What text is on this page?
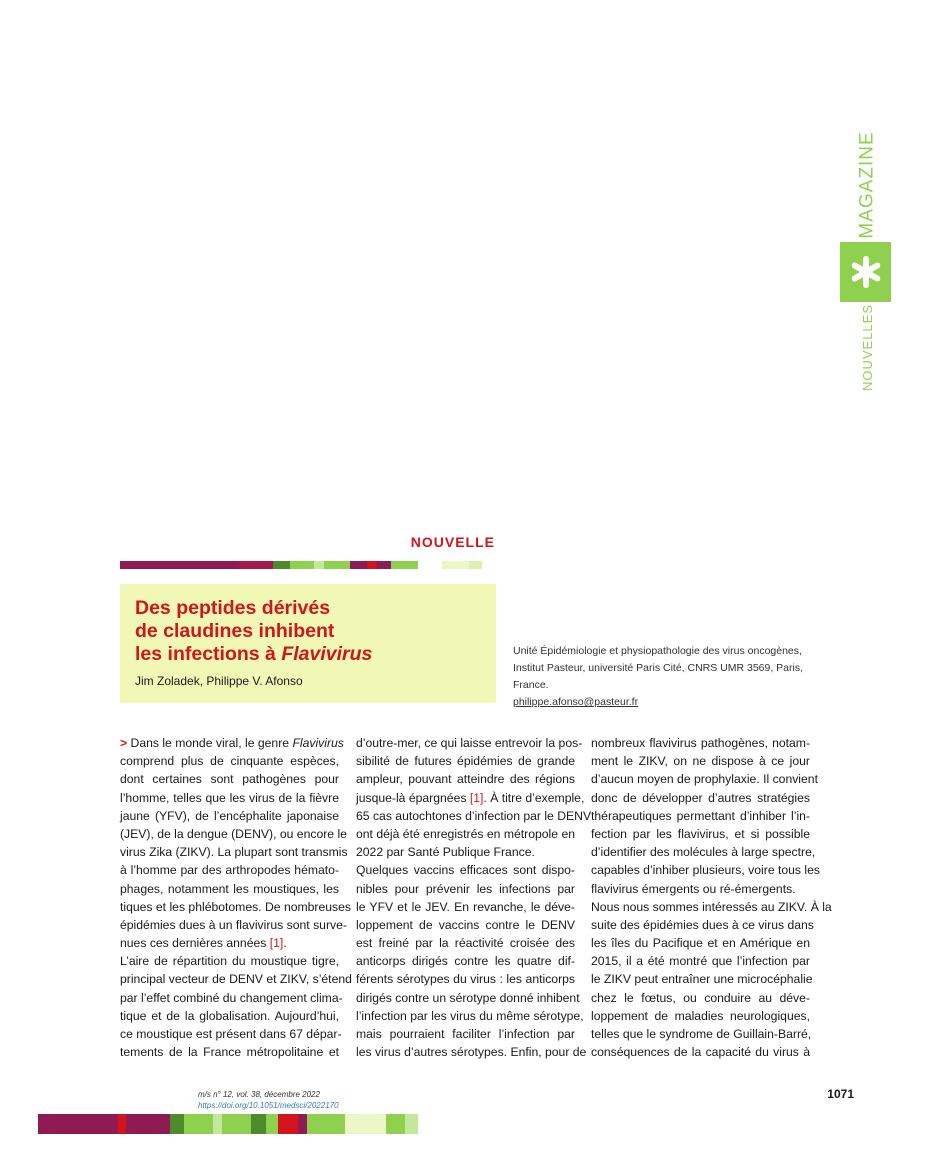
MAGAZINE
NOUVELLES
NOUVELLE
Des peptides dérivés
de claudines inhibent
les infections à Flavivirus
Jim Zoladek, Philippe V. Afonso
Unité Épidémiologie et physiopathologie des virus oncogènes,
Institut Pasteur, université Paris Cité, CNRS UMR 3569, Paris,
France.
philippe.afonso@pasteur.fr
> Dans le monde viral, le genre Flavivirus
comprend plus de cinquante espèces,
dont certaines sont pathogènes pour
l’homme, telles que les virus de la fièvre
jaune (YFV), de l’encéphalite japonaise
(JEV), de la dengue (DENV), ou encore le
virus Zika (ZIKV). La plupart sont transmis
à l’homme par des arthropodes hémato-
phages, notamment les moustiques, les
tiques et les phlébotomes. De nombreuses
épidémies dues à un flavivirus sont surve-
nues ces dernières années [1].
L’aire de répartition du moustique tigre,
principal vecteur de DENV et ZIKV, s’étend
par l’effet combiné du changement clima-
tique et de la globalisation. Aujourd’hui,
ce moustique est présent dans 67 dépar-
tements de la France métropolitaine et
d’outre-mer, ce qui laisse entrevoir la pos-
sibilité de futures épidémies de grande
ampleur, pouvant atteindre des régions
jusque-là épargnées [1]. À titre d’exemple,
65 cas autochtones d’infection par le DENV
ont déjà été enregistrés en métropole en
2022 par Santé Publique France.
Quelques vaccins efficaces sont dispo-
nibles pour prévenir les infections par
le YFV et le JEV. En revanche, le déve-
loppement de vaccins contre le DENV
est freiné par la réactivité croisée des
anticorps dirigés contre les quatre dif-
férents sérotypes du virus : les anticorps
dirigés contre un sérotype donné inhibent
l’infection par les virus du même sérotype,
mais pourraient faciliter l’infection par
les virus d’autres sérotypes. Enfin, pour de
nombreux flavivirus pathogènes, notam-
ment le ZIKV, on ne dispose à ce jour
d’aucun moyen de prophylaxie. Il convient
donc de développer d’autres stratégies
thérapeutiques permettant d’inhiber l’in-
fection par les flavivirus, et si possible
d’identifier des molécules à large spectre,
capables d’inhiber plusieurs, voire tous les
flavivirus émergents ou ré-émergents.
Nous nous sommes intéressés au ZIKV. À la
suite des épidémies dues à ce virus dans
les îles du Pacifique et en Amérique en
2015, il a été montré que l’infection par
le ZIKV peut entraîner une microcéphalie
chez le fœtus, ou conduire au déve-
loppement de maladies neurologiques,
telles que le syndrome de Guillain-Barré,
conséquences de la capacité du virus à
m/s n° 12, vol. 38, décembre 2022
https://doi.org/10.1051/medsci/2022170
1071
